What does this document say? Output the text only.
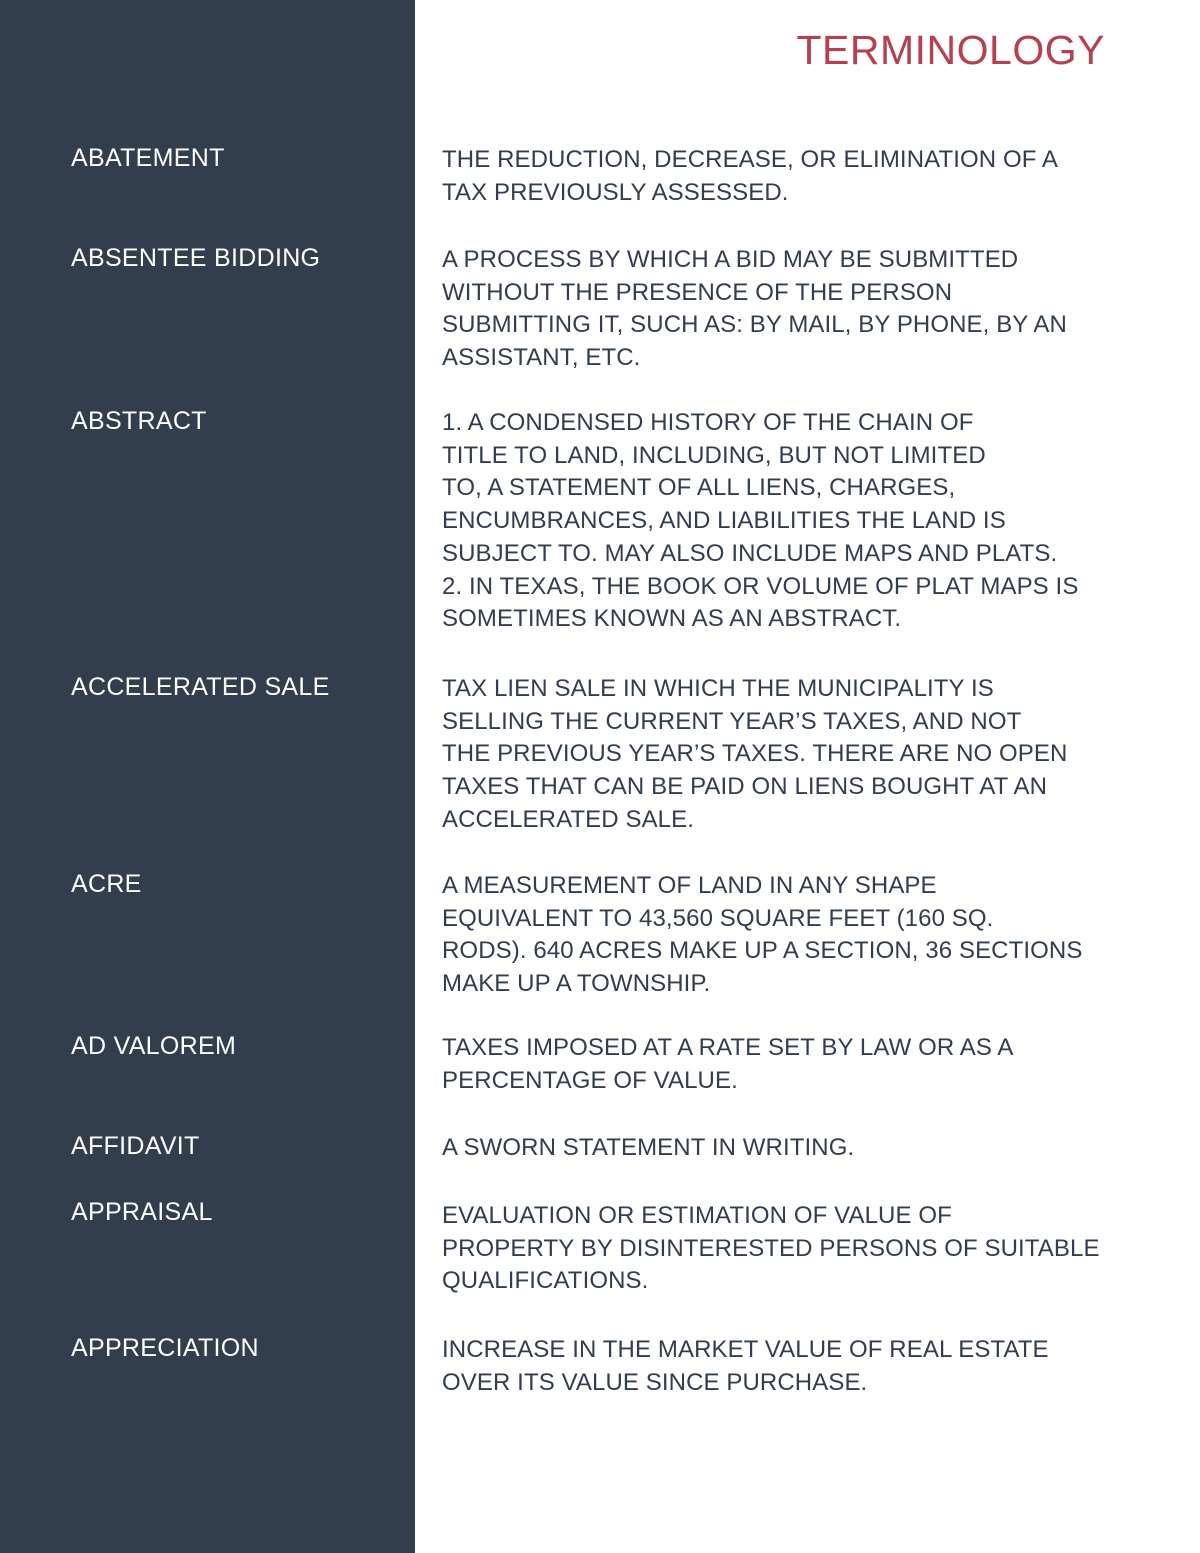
TERMINOLOGY
ABATEMENT	THE REDUCTION, DECREASE, OR ELIMINATION OF A
TAX PREVIOUSLY ASSESSED.
ABSENTEE BIDDING	A PROCESS BY WHICH A BID MAY BE SUBMITTED
WITHOUT THE PRESENCE OF THE PERSON
SUBMITTING IT, SUCH AS: BY MAIL, BY PHONE, BY AN
ASSISTANT, ETC.
ABSTRACT	1. A CONDENSED HISTORY OF THE CHAIN OF
TITLE TO LAND, INCLUDING, BUT NOT LIMITED
TO, A STATEMENT OF ALL LIENS, CHARGES,
ENCUMBRANCES, AND LIABILITIES THE LAND IS
SUBJECT TO. MAY ALSO INCLUDE MAPS AND PLATS.
2. IN TEXAS, THE BOOK OR VOLUME OF PLAT MAPS IS
SOMETIMES KNOWN AS AN ABSTRACT.
ACCELERATED SALE	TAX LIEN SALE IN WHICH THE MUNICIPALITY IS
SELLING THE CURRENT YEAR’S TAXES, AND NOT
THE PREVIOUS YEAR’S TAXES. THERE ARE NO OPEN
TAXES THAT CAN BE PAID ON LIENS BOUGHT AT AN
ACCELERATED SALE.
ACRE	A MEASUREMENT OF LAND IN ANY SHAPE
EQUIVALENT TO 43,560 SQUARE FEET (160 SQ.
RODS). 640 ACRES MAKE UP A SECTION, 36 SECTIONS
MAKE UP A TOWNSHIP.
AD VALOREM	TAXES IMPOSED AT A RATE SET BY LAW OR AS A
PERCENTAGE OF VALUE.
AFFIDAVIT	A SWORN STATEMENT IN WRITING.
APPRAISAL	EVALUATION OR ESTIMATION OF VALUE OF
PROPERTY BY DISINTERESTED PERSONS OF SUITABLE
QUALIFICATIONS.
APPRECIATION	INCREASE IN THE MARKET VALUE OF REAL ESTATE
OVER ITS VALUE SINCE PURCHASE.
